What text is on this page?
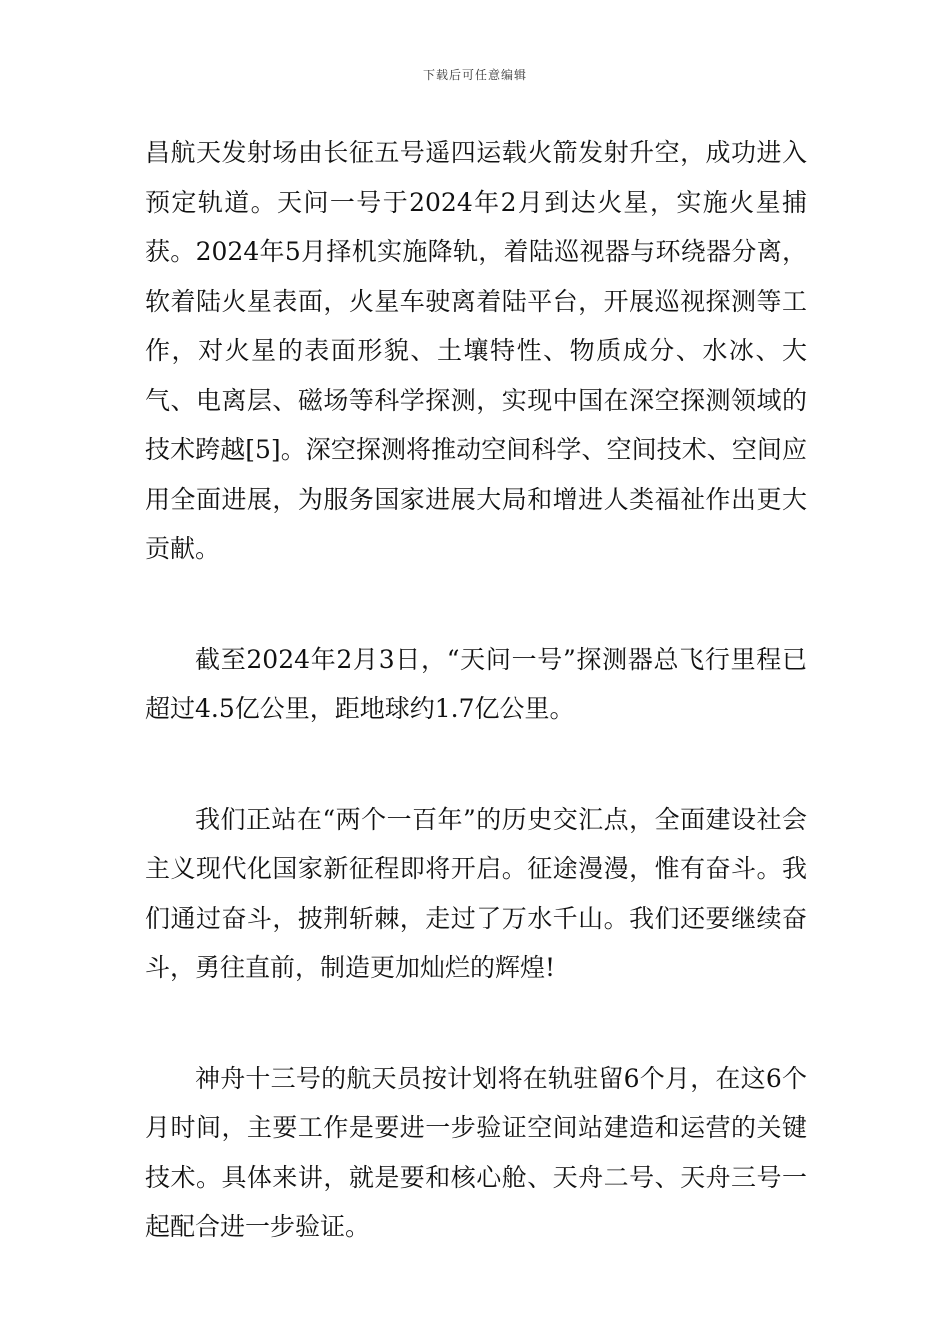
下载后可任意编辑

昌航天发射场由长征五号遥四运载火箭发射升空，成功进入预定轨道。天问一号于2024年2月到达火星，实施火星捕获。2024年5月择机实施降轨，着陆巡视器与环绕器分离，软着陆火星表面，火星车驶离着陆平台，开展巡视探测等工作，对火星的表面形貌、土壤特性、物质成分、水冰、大气、电离层、磁场等科学探测，实现中国在深空探测领域的技术跨越[5]。深空探测将推动空间科学、空间技术、空间应用全面进展，为服务国家进展大局和增进人类福祉作出更大贡献。

截至2024年2月3日，“天问一号”探测器总飞行里程已超过4.5亿公里，距地球约1.7亿公里。

我们正站在“两个一百年”的历史交汇点，全面建设社会主义现代化国家新征程即将开启。征途漫漫，惟有奋斗。我们通过奋斗，披荆斩棘，走过了万水千山。我们还要继续奋斗，勇往直前，制造更加灿烂的辉煌!

神舟十三号的航天员按计划将在轨驻留6个月，在这6个月时间，主要工作是要进一步验证空间站建造和运营的关键技术。具体来讲，就是要和核心舱、天舟二号、天舟三号一起配合进一步验证。
